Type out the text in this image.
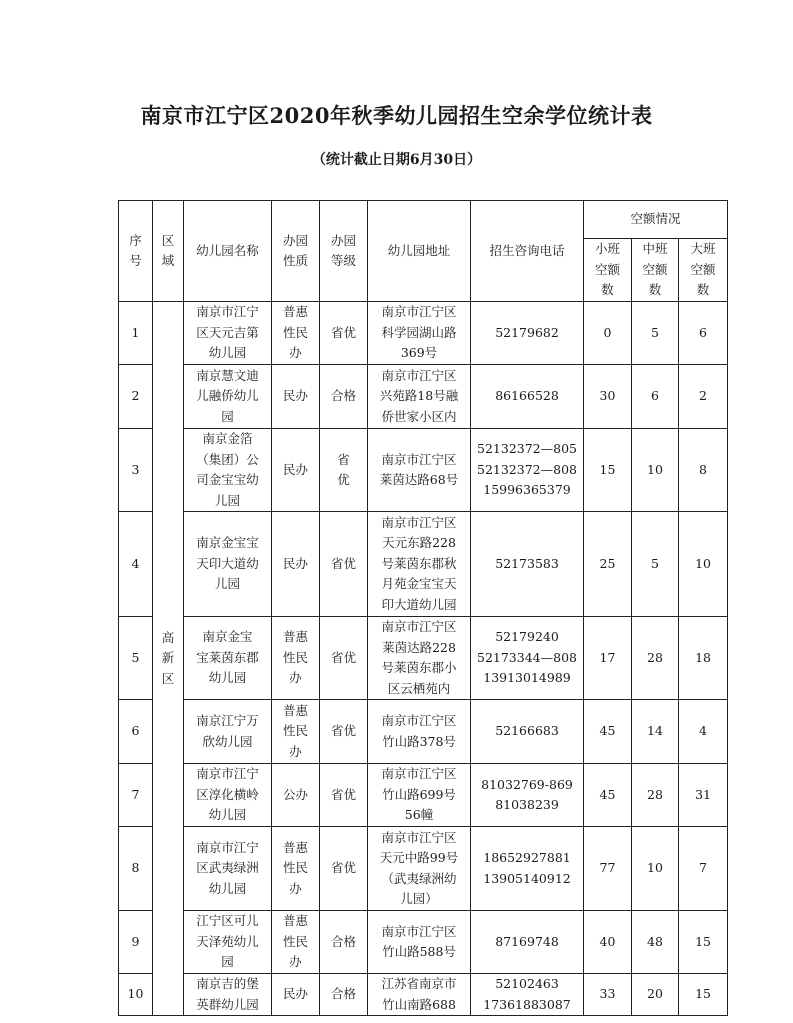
南京市江宁区2020年秋季幼儿园招生空余学位统计表
（统计截止日期6月30日）
序
号	区
域	幼儿园名称	办园
性质	办园
等级	幼儿园地址	招生咨询电话	空额情况		

							小班
空额
数	中班
空额
数	大班
空额
数

1	高
新
区	南京市江宁
区天元吉第
幼儿园	普惠
性民
办	省优	南京市江宁区
科学园湖山路
369号	52179682	0	5	6
2		南京慧文迪
儿融侨幼儿
园	民办	合格	南京市江宁区
兴苑路18号融
侨世家小区内	86166528	30	6	2
3		南京金箔
（集团）公
司金宝宝幼
儿园	民办	省
优	南京市江宁区
莱茵达路68号	52132372—805
52132372—808
15996365379	15	10	8
4		南京金宝宝
天印大道幼
儿园	民办	省优	南京市江宁区
天元东路228
号莱茵东郡秋
月苑金宝宝天
印大道幼儿园	52173583	25	5	10
5		南京金宝
宝莱茵东郡
幼儿园	普惠
性民
办	省优	南京市江宁区
莱茵达路228
号莱茵东郡小
区云栖苑内	52179240
52173344—808
13913014989	17	28	18
6		南京江宁万
欣幼儿园	普惠
性民
办	省优	南京市江宁区
竹山路378号	52166683	45	14	4
7		南京市江宁
区淳化横岭
幼儿园	公办	省优	南京市江宁区
竹山路699号
56幢	81032769-869
81038239	45	28	31
8		南京市江宁
区武夷绿洲
幼儿园	普惠
性民
办	省优	南京市江宁区
天元中路99号
（武夷绿洲幼
儿园）	18652927881
13905140912	77	10	7
9		江宁区可儿
天泽苑幼儿
园	普惠
性民
办	合格	南京市江宁区
竹山路588号	87169748	40	48	15
10		南京吉的堡
英群幼儿园	民办	合格	江苏省南京市
竹山南路688	52102463
17361883087	33	20	15
